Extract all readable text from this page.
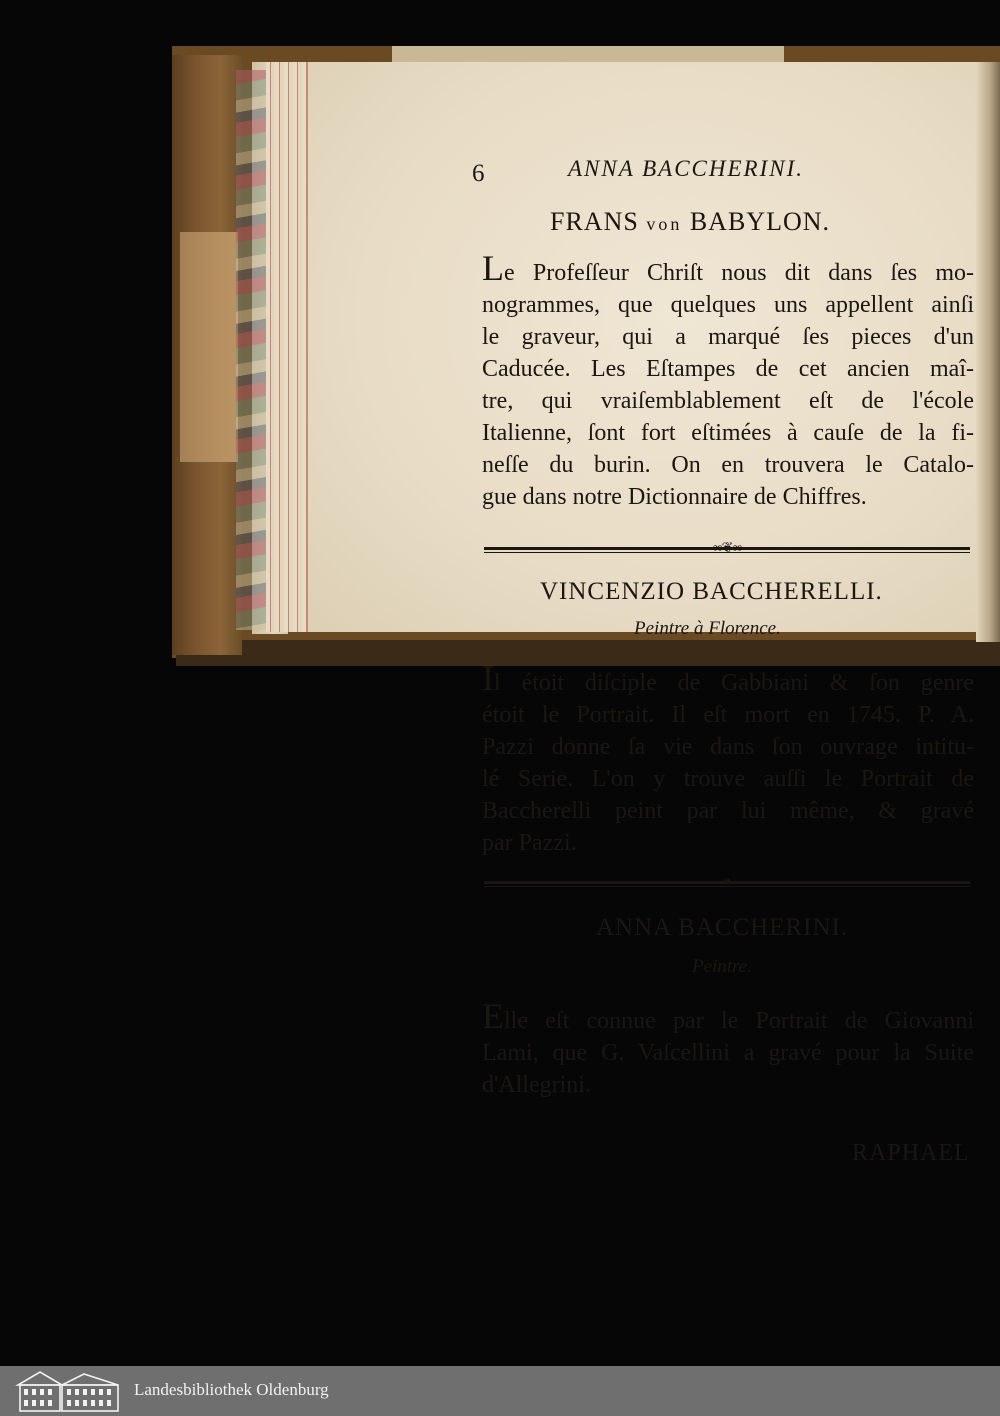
6	ANNA BACCHERINI.
FRANS von BABYLON.
Le Profeſſeur Chriſt nous dit dans ſes mo-
nogrammes, que quelques uns appellent ainſi
le graveur, qui a marqué ſes pieces d'un
Caducée. Les Eſtampes de cet ancien maî-
tre, qui vraiſemblablement eſt de l'école
Italienne, ſont fort eſtimées à cauſe de la fi-
neſſe du burin. On en trouvera le Catalo-
gue dans notre Dictionnaire de Chiffres.
∞❦∞
VINCENZIO BACCHERELLI.
Peintre à Florence.
Il étoit diſciple de Gabbiani & ſon genre
étoit le Portrait. Il eſt mort en 1745. P. A.
Pazzi donne ſa vie dans ſon ouvrage intitu-
lé Serie. L'on y trouve auſſi le Portrait de
Baccherelli peint par lui même, & gravé
par Pazzi.
~❧~
ANNA BACCHERINI.
Peintre.
Elle eſt connue par le Portrait de Giovanni
Lami, que G. Vaſcellini a gravé pour la Suite
d'Allegrini.
RAPHAEL
Landesbibliothek Oldenburg
